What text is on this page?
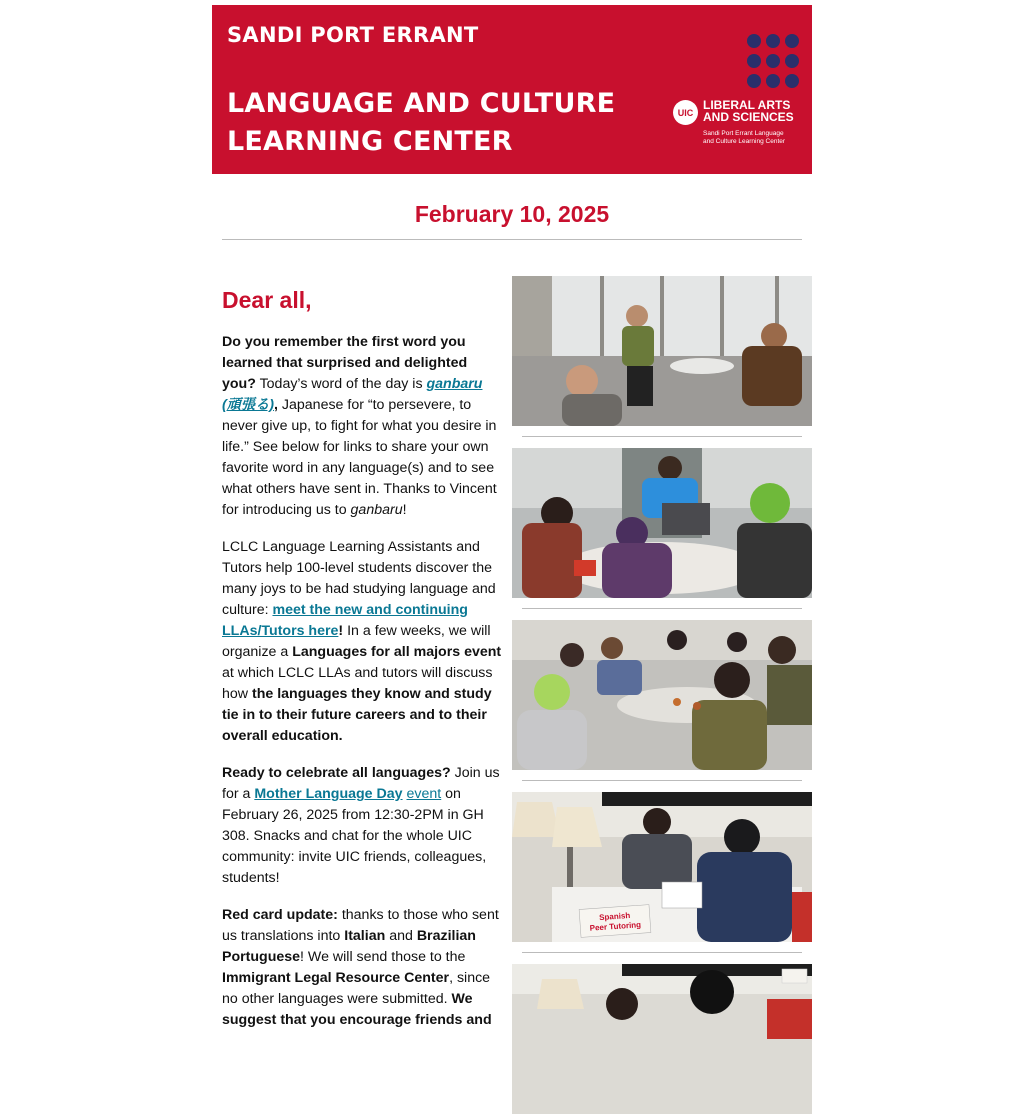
SANDI PORT ERRANT
LANGUAGE AND CULTURE
LEARNING CENTER
UIC
LIBERAL ARTS
AND SCIENCES
Sandi Port Errant Language
and Culture Learning Center
February 10, 2025
Dear all,

Do you remember the first word you learned that surprised and delighted you? Today’s word of the day is ganbaru (頑張る), Japanese for “to persevere, to never give up, to fight for what you desire in life.” See below for links to share your own favorite word in any language(s) and to see what others have sent in. Thanks to Vincent for introducing us to ganbaru!

LCLC Language Learning Assistants and Tutors help 100-level students discover the many joys to be had studying language and culture: meet the new and continuing LLAs/Tutors here! In a few weeks, we will organize a Languages for all majors event at which LCLC LLAs and tutors will discuss how the languages they know and study tie in to their future careers and to their overall education.

Ready to celebrate all languages? Join us for a Mother Language Day event on February 26, 2025 from 12:30-2PM in GH 308. Snacks and chat for the whole UIC community: invite UIC friends, colleagues, students!

Red card update: thanks to those who sent us translations into Italian and Brazilian Portuguese! We will send those to the Immigrant Legal Resource Center, since no other languages were submitted. We suggest that you encourage friends and

Spanish
Peer Tutoring
